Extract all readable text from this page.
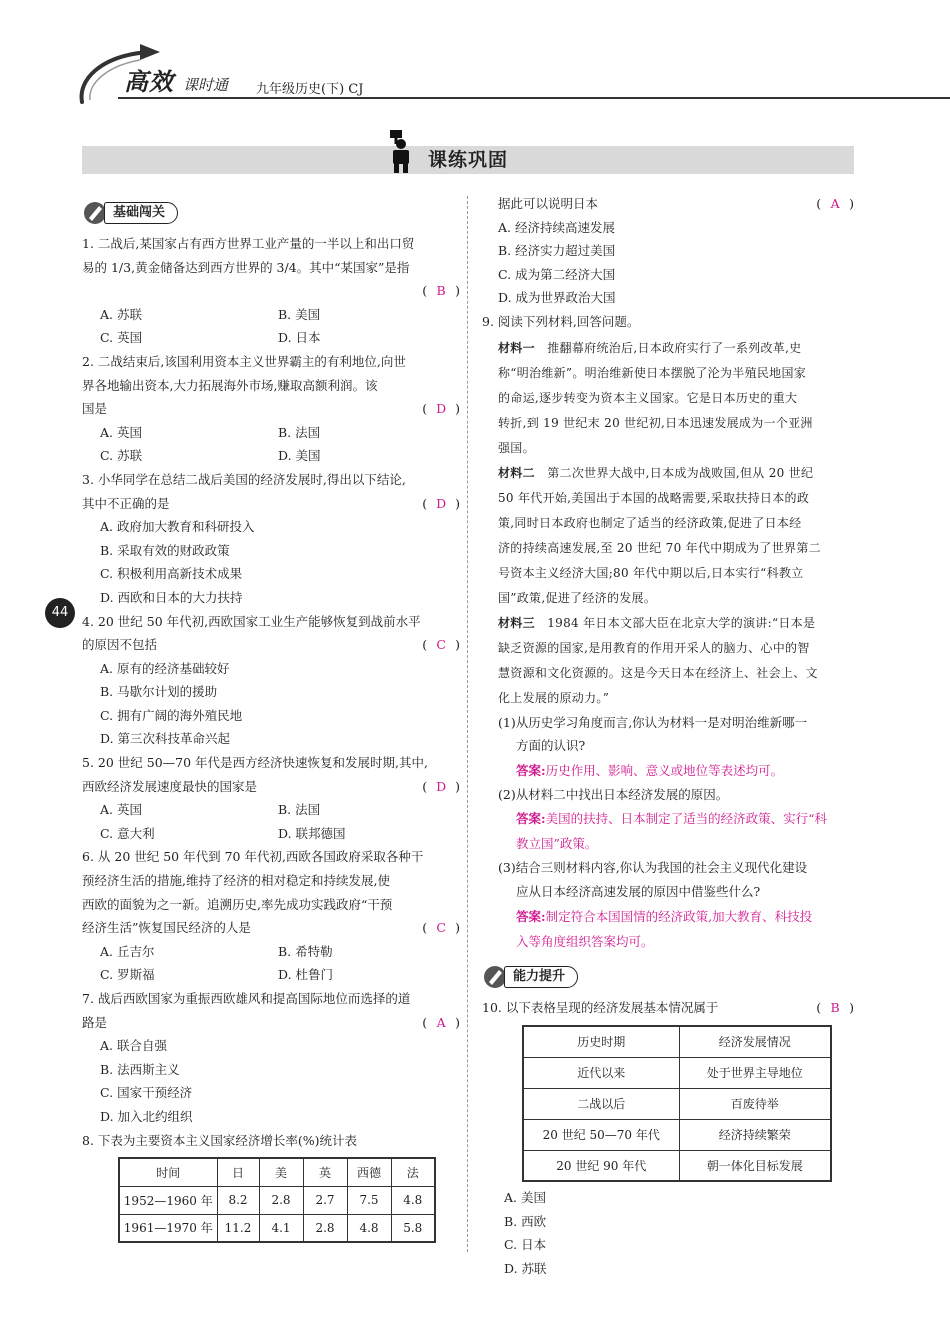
高效 课时通 九年级历史(下) CJ
课练巩固
44
基础闯关
1. 二战后,某国家占有西方世界工业产量的一半以上和出口贸
易的 1/3,黄金储备达到西方世界的 3/4。其中“某国家”是指

( B )
A. 苏联	B. 美国
C. 英国	D. 日本
2. 二战结束后,该国利用资本主义世界霸主的有利地位,向世
界各地输出资本,大力拓展海外市场,赚取高额利润。该
国是	( D )
A. 英国	B. 法国
C. 苏联	D. 美国
3. 小华同学在总结二战后美国的经济发展时,得出以下结论,
其中不正确的是	( D )
A. 政府加大教育和科研投入
B. 采取有效的财政政策
C. 积极利用高新技术成果
D. 西欧和日本的大力扶持
4. 20 世纪 50 年代初,西欧国家工业生产能够恢复到战前水平
的原因不包括	( C )
A. 原有的经济基础较好
B. 马歇尔计划的援助
C. 拥有广阔的海外殖民地
D. 第三次科技革命兴起
5. 20 世纪 50—70 年代是西方经济快速恢复和发展时期,其中,
西欧经济发展速度最快的国家是	( D )
A. 英国	B. 法国
C. 意大利	D. 联邦德国
6. 从 20 世纪 50 年代到 70 年代初,西欧各国政府采取各种干
预经济生活的措施,维持了经济的相对稳定和持续发展,使
西欧的面貌为之一新。追溯历史,率先成功实践政府“干预
经济生活”恢复国民经济的人是	( C )
A. 丘吉尔	B. 希特勒
C. 罗斯福	D. 杜鲁门
7. 战后西欧国家为重振西欧雄风和提高国际地位而选择的道
路是	( A )
A. 联合自强
B. 法西斯主义
C. 国家干预经济
D. 加入北约组织
8. 下表为主要资本主义国家经济增长率(%)统计表
时间	日	美	英	西德	法
1952—1960 年	8.2	2.8	2.7	7.5	4.8
1961—1970 年	11.2	4.1	2.8	4.8	5.8
据此可以说明日本	( A )
A. 经济持续高速发展
B. 经济实力超过美国
C. 成为第二经济大国
D. 成为世界政治大国
9. 阅读下列材料,回答问题。
材料一 推翻幕府统治后,日本政府实行了一系列改革,史
称“明治维新”。明治维新使日本摆脱了沦为半殖民地国家
的命运,逐步转变为资本主义国家。它是日本历史的重大
转折,到 19 世纪末 20 世纪初,日本迅速发展成为一个亚洲
强国。
材料二 第二次世界大战中,日本成为战败国,但从 20 世纪
50 年代开始,美国出于本国的战略需要,采取扶持日本的政
策,同时日本政府也制定了适当的经济政策,促进了日本经
济的持续高速发展,至 20 世纪 70 年代中期成为了世界第二
号资本主义经济大国;80 年代中期以后,日本实行“科教立
国”政策,促进了经济的发展。
材料三 1984 年日本文部大臣在北京大学的演讲:“日本是
缺乏资源的国家,是用教育的作用开采人的脑力、心中的智
慧资源和文化资源的。这是今天日本在经济上、社会上、文
化上发展的原动力。”
(1)从历史学习角度而言,你认为材料一是对明治维新哪一
方面的认识?
答案:历史作用、影响、意义或地位等表述均可。
(2)从材料二中找出日本经济发展的原因。
答案:美国的扶持、日本制定了适当的经济政策、实行“科
教立国”政策。
(3)结合三则材料内容,你认为我国的社会主义现代化建设
应从日本经济高速发展的原因中借鉴些什么?
答案:制定符合本国国情的经济政策,加大教育、科技投
入等角度组织答案均可。
能力提升
10. 以下表格呈现的经济发展基本情况属于	( B )
历史时期	经济发展情况
近代以来	处于世界主导地位
二战以后	百废待举
20 世纪 50—70 年代	经济持续繁荣
20 世纪 90 年代	朝一体化目标发展
A. 美国
B. 西欧
C. 日本
D. 苏联
